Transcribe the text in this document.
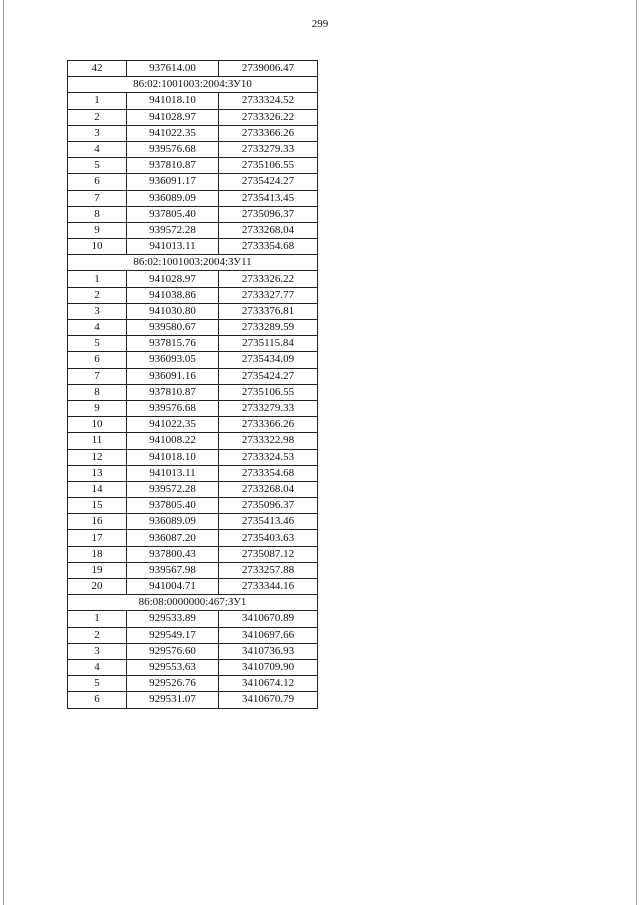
299
42	937614.00	2739006.47
86:02:1001003:2004:ЗУ10		
1	941018.10	2733324.52
2	941028.97	2733326.22
3	941022.35	2733366.26
4	939576.68	2733279.33
5	937810.87	2735106.55
6	936091.17	2735424.27
7	936089.09	2735413.45
8	937805.40	2735096.37
9	939572.28	2733268.04
10	941013.11	2733354.68
86:02:1001003:2004:ЗУ11		
1	941028.97	2733326.22
2	941038.86	2733327.77
3	941030.80	2733376.81
4	939580.67	2733289.59
5	937815.76	2735115.84
6	936093.05	2735434.09
7	936091.16	2735424.27
8	937810.87	2735106.55
9	939576.68	2733279.33
10	941022.35	2733366.26
11	941008.22	2733322.98
12	941018.10	2733324.53
13	941013.11	2733354.68
14	939572.28	2733268.04
15	937805.40	2735096.37
16	936089.09	2735413.46
17	936087.20	2735403.63
18	937800.43	2735087.12
19	939567.98	2733257.88
20	941004.71	2733344.16
86:08:0000000:467:ЗУ1		
1	929533.89	3410670.89
2	929549.17	3410697.66
3	929576.60	3410736.93
4	929553.63	3410709.90
5	929526.76	3410674.12
6	929531.07	3410670.79
